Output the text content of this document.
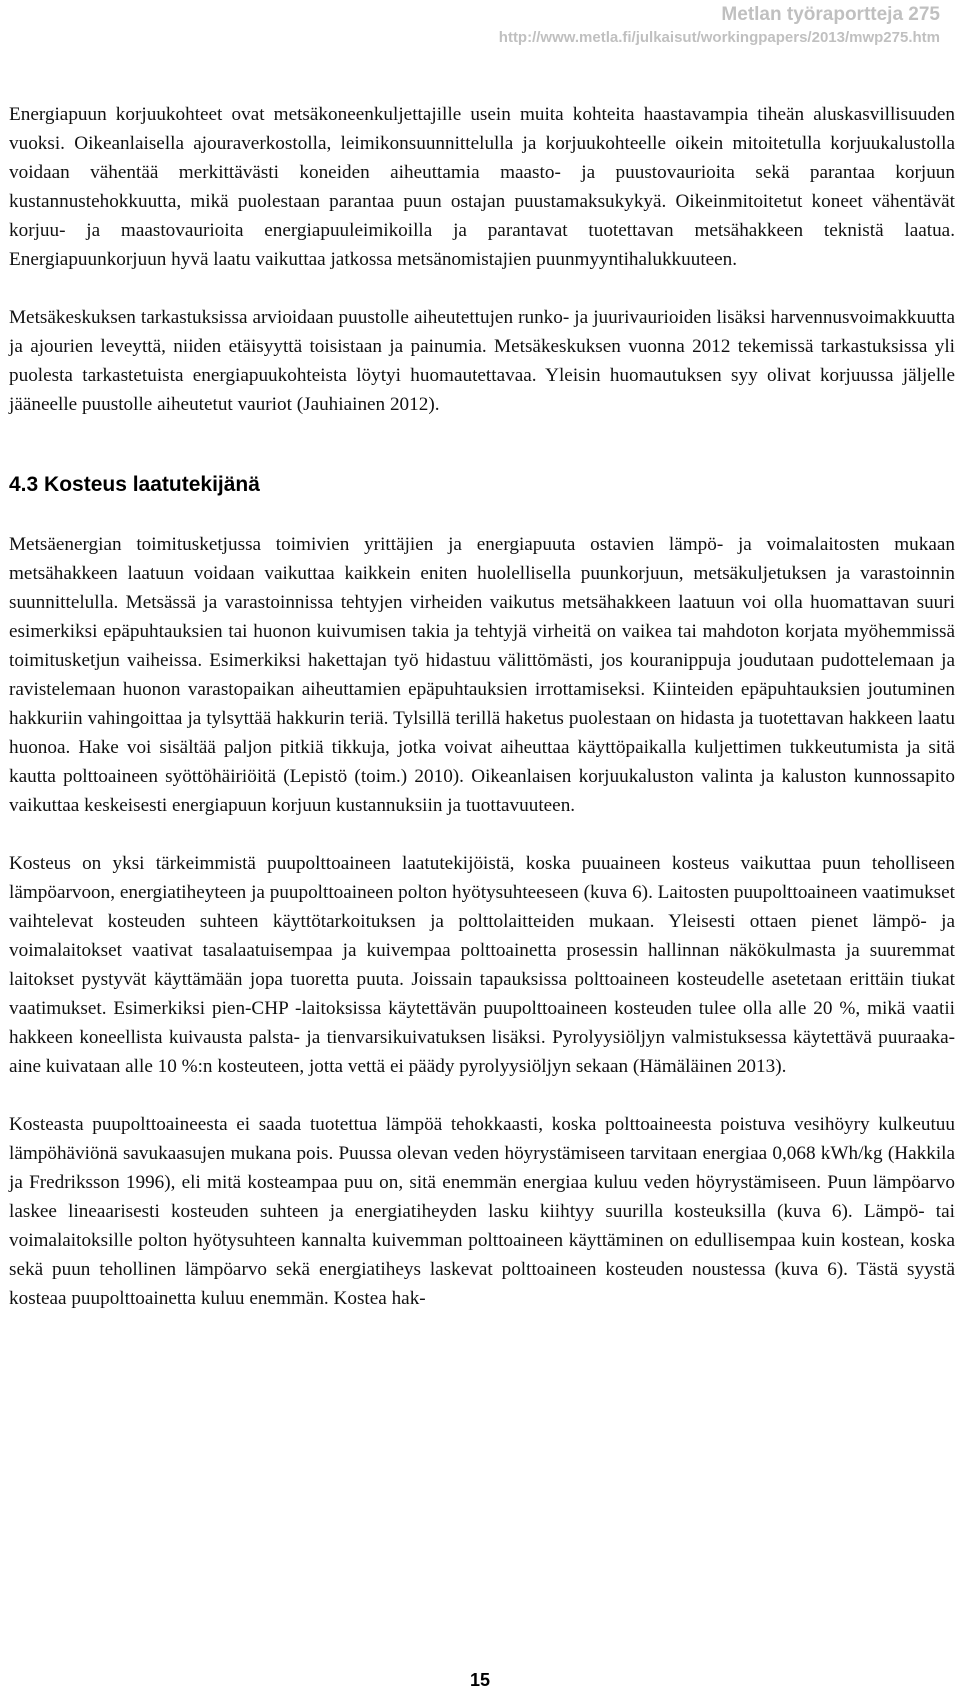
Metlan työraportteja 275
http://www.metla.fi/julkaisut/workingpapers/2013/mwp275.htm

Energiapuun korjuukohteet ovat metsäkoneenkuljettajille usein muita kohteita haastavampia tiheän aluskasvillisuuden vuoksi. Oikeanlaisella ajouraverkostolla, leimikonsuunnittelulla ja korjuukohteelle oikein mitoitetulla korjuukalustolla voidaan vähentää merkittävästi koneiden aiheuttamia maasto- ja puustovaurioita sekä parantaa korjuun kustannustehokkuutta, mikä puolestaan parantaa puun ostajan puustamaksukykyä. Oikeinmitoitetut koneet vähentävät korjuu- ja maastovaurioita energiapuuleimikoilla ja parantavat tuotettavan metsähakkeen teknistä laatua. Energiapuunkorjuun hyvä laatu vaikuttaa jatkossa metsänomistajien puunmyyntihalukkuuteen.

Metsäkeskuksen tarkastuksissa arvioidaan puustolle aiheutettujen runko- ja juurivaurioiden lisäksi harvennusvoimakkuutta ja ajourien leveyttä, niiden etäisyyttä toisistaan ja painumia. Metsäkeskuksen vuonna 2012 tekemissä tarkastuksissa yli puolesta tarkastetuista energiapuukohteista löytyi huomautettavaa. Yleisin huomautuksen syy olivat korjuussa jäljelle jääneelle puustolle aiheutetut vauriot (Jauhiainen 2012).

4.3 Kosteus laatutekijänä

Metsäenergian toimitusketjussa toimivien yrittäjien ja energiapuuta ostavien lämpö- ja voimalaitosten mukaan metsähakkeen laatuun voidaan vaikuttaa kaikkein eniten huolellisella puunkorjuun, metsäkuljetuksen ja varastoinnin suunnittelulla. Metsässä ja varastoinnissa tehtyjen virheiden vaikutus metsähakkeen laatuun voi olla huomattavan suuri esimerkiksi epäpuhtauksien tai huonon kuivumisen takia ja tehtyjä virheitä on vaikea tai mahdoton korjata myöhemmissä toimitusketjun vaiheissa. Esimerkiksi hakettajan työ hidastuu välittömästi, jos kouranippuja joudutaan pudottelemaan ja ravistelemaan huonon varastopaikan aiheuttamien epäpuhtauksien irrottamiseksi. Kiinteiden epäpuhtauksien joutuminen hakkuriin vahingoittaa ja tylsyttää hakkurin teriä. Tylsillä terillä haketus puolestaan on hidasta ja tuotettavan hakkeen laatu huonoa. Hake voi sisältää paljon pitkiä tikkuja, jotka voivat aiheuttaa käyttöpaikalla kuljettimen tukkeutumista ja sitä kautta polttoaineen syöttöhäiriöitä (Lepistö (toim.) 2010). Oikeanlaisen korjuukaluston valinta ja kaluston kunnossapito vaikuttaa keskeisesti energiapuun korjuun kustannuksiin ja tuottavuuteen.

Kosteus on yksi tärkeimmistä puupolttoaineen laatutekijöistä, koska puuaineen kosteus vaikuttaa puun teholliseen lämpöarvoon, energiatiheyteen ja puupolttoaineen polton hyötysuhteeseen (kuva 6). Laitosten puupolttoaineen vaatimukset vaihtelevat kosteuden suhteen käyttötarkoituksen ja polttolaitteiden mukaan. Yleisesti ottaen pienet lämpö- ja voimalaitokset vaativat tasalaatuisempaa ja kuivempaa polttoainetta prosessin hallinnan näkökulmasta ja suuremmat laitokset pystyvät käyttämään jopa tuoretta puuta. Joissain tapauksissa polttoaineen kosteudelle asetetaan erittäin tiukat vaatimukset. Esimerkiksi pien-CHP -laitoksissa käytettävän puupolttoaineen kosteuden tulee olla alle 20 %, mikä vaatii hakkeen koneellista kuivausta palsta- ja tienvarsikuivatuksen lisäksi. Pyrolyysiöljyn valmistuksessa käytettävä puuraaka-aine kuivataan alle 10 %:n kosteuteen, jotta vettä ei päädy pyrolyysiöljyn sekaan (Hämäläinen 2013).

Kosteasta puupolttoaineesta ei saada tuotettua lämpöä tehokkaasti, koska polttoaineesta poistuva vesihöyry kulkeutuu lämpöhäviönä savukaasujen mukana pois. Puussa olevan veden höyrystämiseen tarvitaan energiaa 0,068 kWh/kg (Hakkila ja Fredriksson 1996), eli mitä kosteampaa puu on, sitä enemmän energiaa kuluu veden höyrystämiseen. Puun lämpöarvo laskee lineaarisesti kosteuden suhteen ja energiatiheyden lasku kiihtyy suurilla kosteuksilla (kuva 6). Lämpö- tai voimalaitoksille polton hyötysuhteen kannalta kuivemman polttoaineen käyttäminen on edullisempaa kuin kostean, koska sekä puun tehollinen lämpöarvo sekä energiatiheys laskevat polttoaineen kosteuden noustessa (kuva 6). Tästä syystä kosteaa puupolttoainetta kuluu enemmän. Kostea hak-

15
